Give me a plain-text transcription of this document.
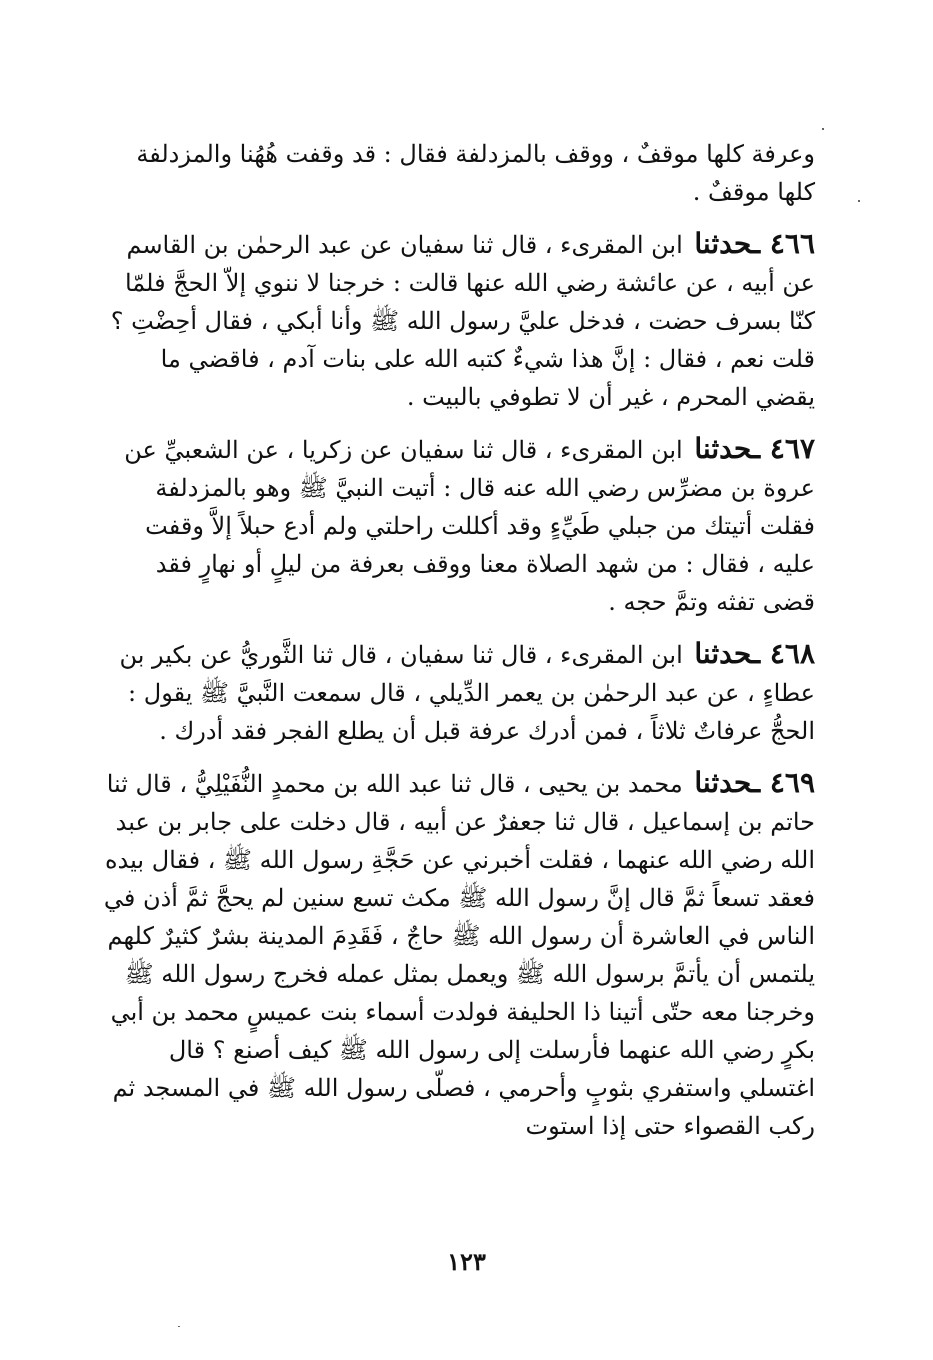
وعرفة كلها موقفٌ ، ووقف بالمزدلفة فقال : قد وقفت هُهُنا والمزدلفة كلها موقفٌ .

٤٦٦ ـحدثنا ابن المقرىء ، قال ثنا سفيان عن عبد الرحمٰن بن القاسم عن أبيه ، عن عائشة رضي الله عنها قالت : خرجنا لا ننوي إلاّ الحجَّ فلمّا كنّا بسرف حضت ، فدخل عليَّ رسول الله ﷺ وأنا أبكي ، فقال أحِضْتِ ؟ قلت نعم ، فقال : إنَّ هذا شيءٌ كتبه الله على بنات آدم ، فاقضي ما يقضي المحرم ، غير أن لا تطوفي بالبيت .

٤٦٧ ـحدثنا ابن المقرىء ، قال ثنا سفيان عن زكريا ، عن الشعبيِّ عن عروة بن مضرِّس رضي الله عنه قال : أتيت النبيَّ ﷺ وهو بالمزدلفة فقلت أتيتك من جبلي طَيِّءٍ وقد أكللت راحلتي ولم أدع حبلاً إلاَّ وقفت عليه ، فقال : من شهد الصلاة معنا ووقف بعرفة من ليلٍ أو نهارٍ فقد قضى تفثه وتمَّ حجه .

٤٦٨ ـحدثنا ابن المقرىء ، قال ثنا سفيان ، قال ثنا الثَّوريُّ عن بكير بن عطاءٍ ، عن عبد الرحمٰن بن يعمر الدِّيلي ، قال سمعت النَّبيَّ ﷺ يقول : الحجُّ عرفاتٌ ثلاثاً ، فمن أدرك عرفة قبل أن يطلع الفجر فقد أدرك .

٤٦٩ ـحدثنا محمد بن يحيى ، قال ثنا عبد الله بن محمدٍ النُّفَيْلِيُّ ، قال ثنا حاتم بن إسماعيل ، قال ثنا جعفرٌ عن أبيه ، قال دخلت على جابر بن عبد الله رضي الله عنهما ، فقلت أخبرني عن حَجَّةِ رسول الله ﷺ ، فقال بيده فعقد تسعاً ثمَّ قال إنَّ رسول الله ﷺ مكث تسع سنين لم يحجَّ ثمَّ أذن في الناس في العاشرة أن رسول الله ﷺ حاجٌ ، فَقَدِمَ المدينة بشرٌ كثيرٌ كلهم يلتمس أن يأتمَّ برسول الله ﷺ ويعمل بمثل عمله فخرج رسول الله ﷺ وخرجنا معه حتّى أتينا ذا الحليفة فولدت أسماء بنت عميسٍ محمد بن أبي بكرٍ رضي الله عنهما فأرسلت إلى رسول الله ﷺ كيف أصنع ؟ قال اغتسلي واستفري بثوبٍ وأحرمي ، فصلّى رسول الله ﷺ في المسجد ثم ركب القصواء حتى إذا استوت

١٢٣
